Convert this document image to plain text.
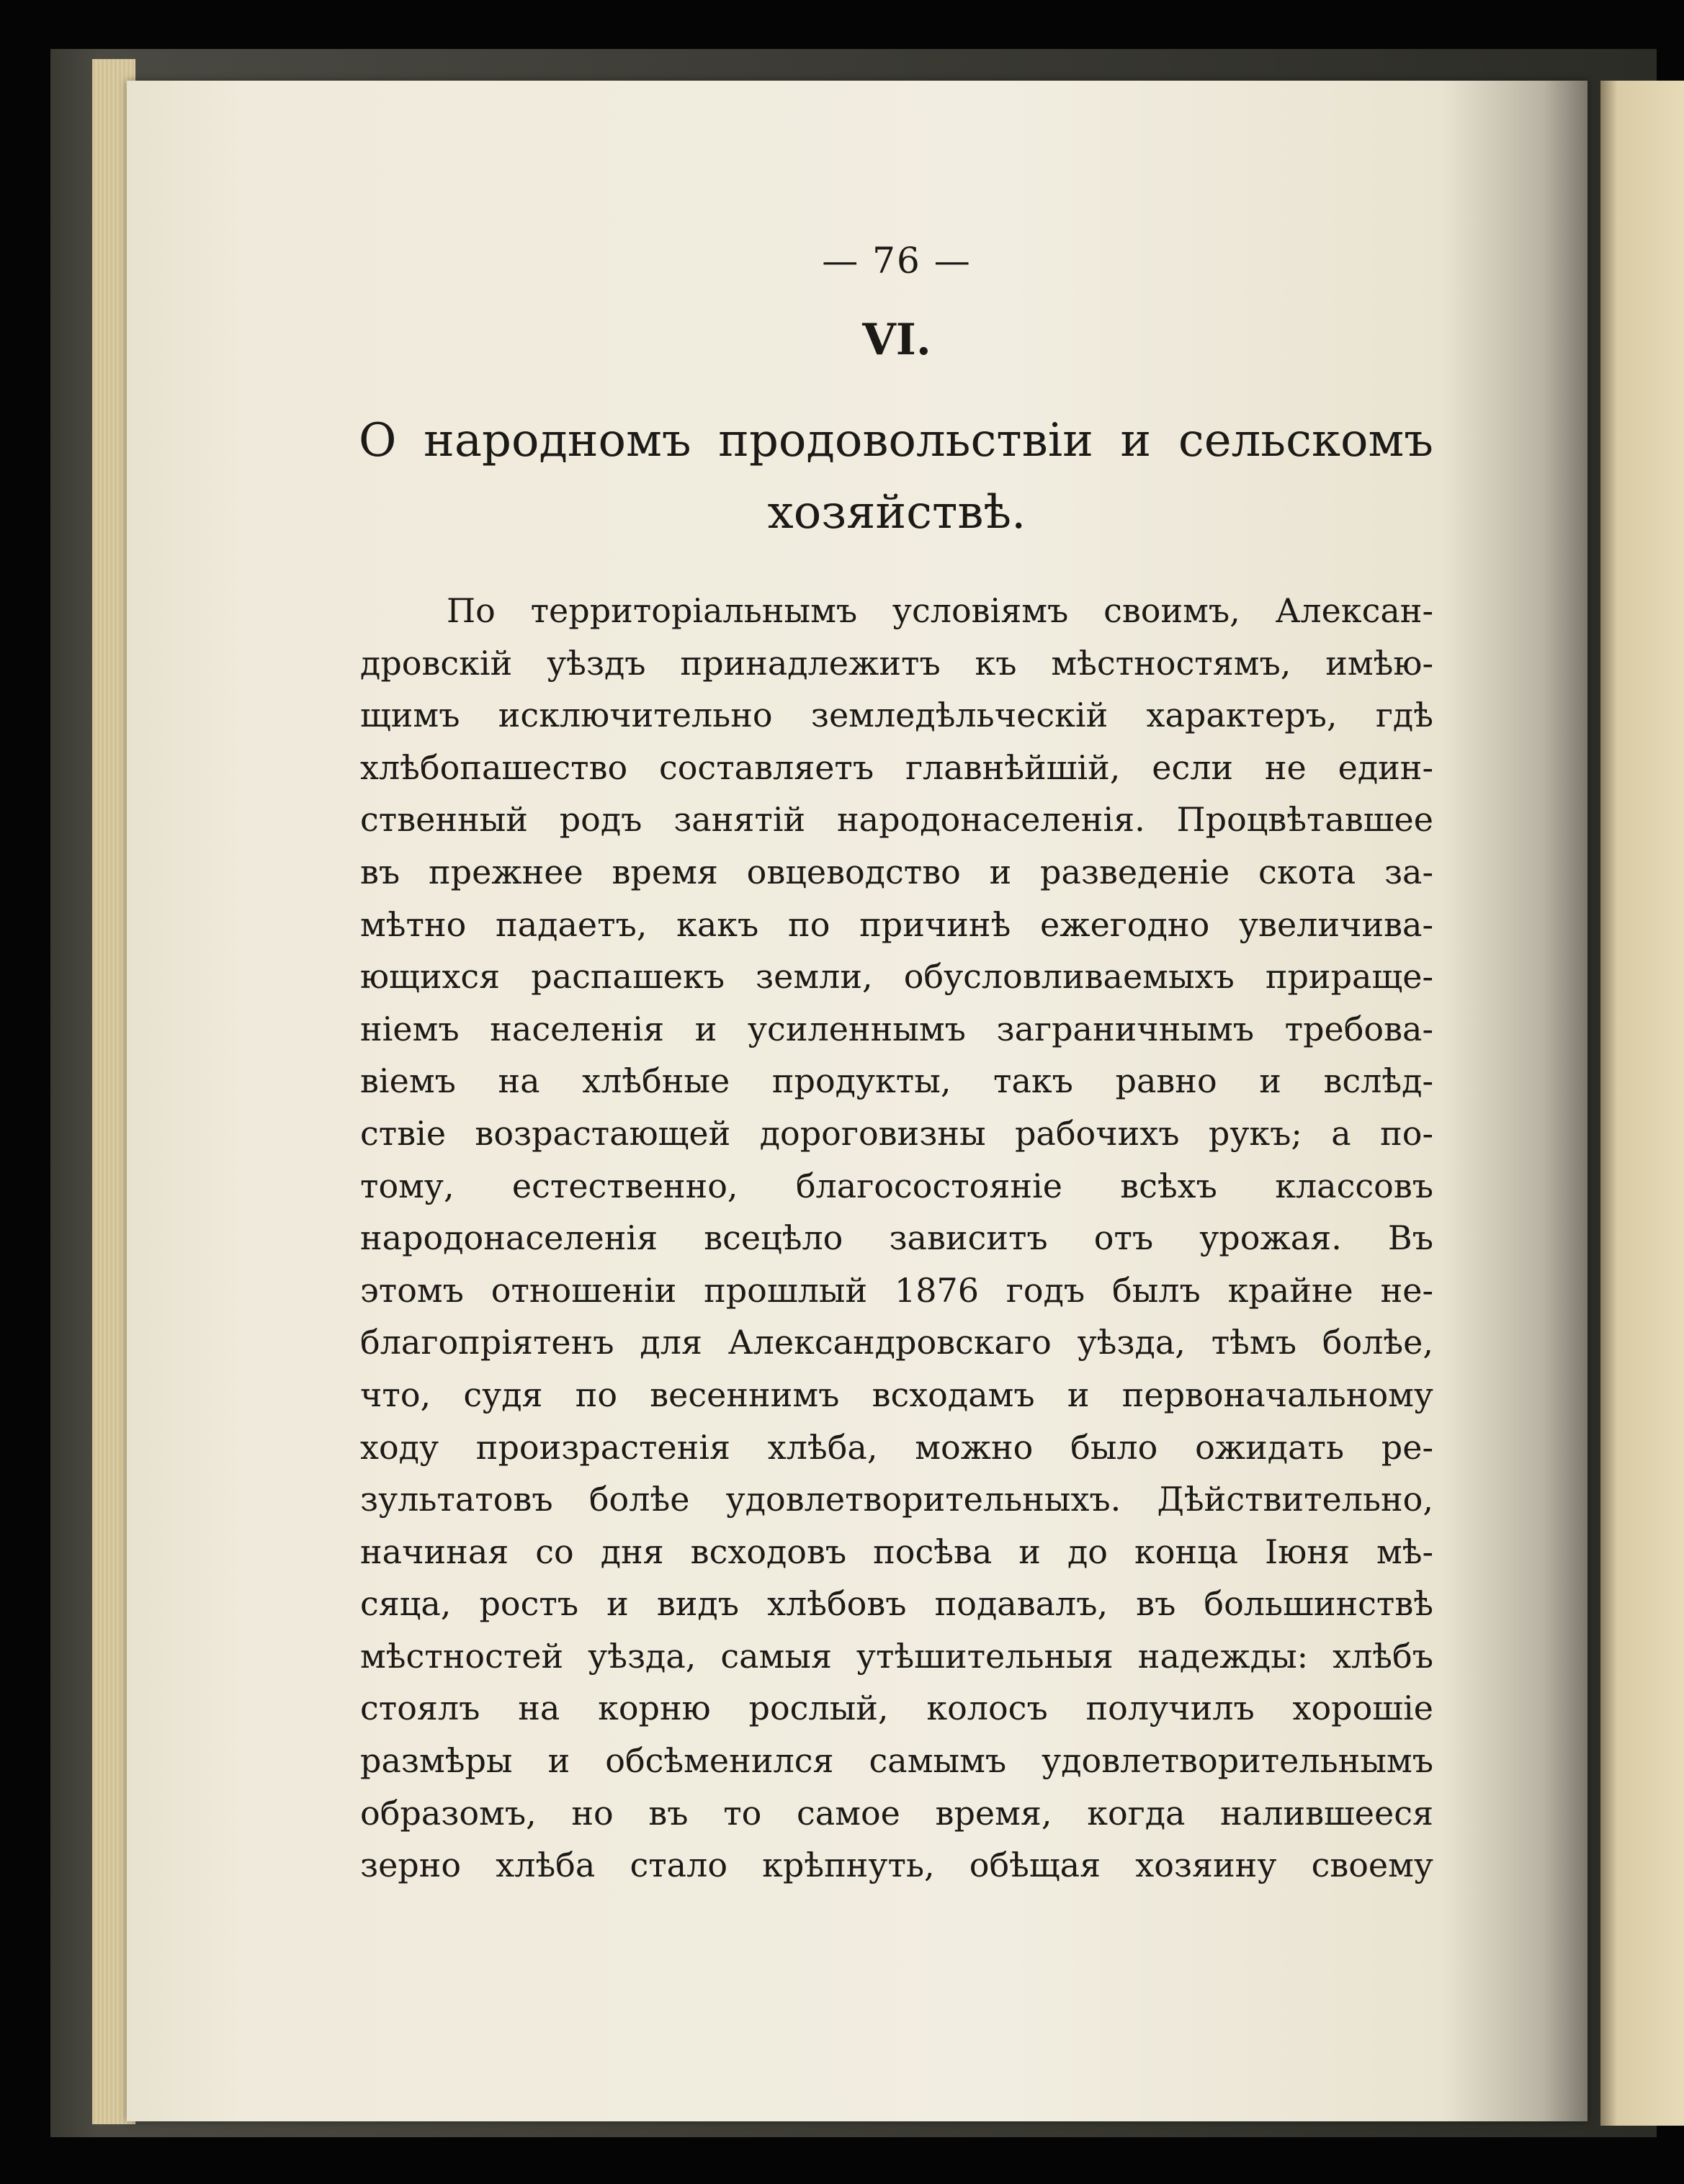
— 76 —
VI.
О народномъ продовольствіи и сельскомъ
хозяйствѣ.
По территоріальнымъ условіямъ своимъ, Алексан-
дровскій уѣздъ принадлежитъ къ мѣстностямъ, имѣю-
щимъ исключительно земледѣльческій характеръ, гдѣ
хлѣбопашество составляетъ главнѣйшій, если не един-
ственный родъ занятій народонаселенія. Процвѣтавшее
въ прежнее время овцеводство и разведеніе скота за-
мѣтно падаетъ, какъ по причинѣ ежегодно увеличива-
ющихся распашекъ земли, обусловливаемыхъ приращe-
ніемъ населенія и усиленнымъ заграничнымъ требова-
віемъ на хлѣбные продукты, такъ равно и вслѣд-
ствіе возрастающей дороговизны рабочихъ рукъ; а по-
тому, естественно, благосостояніе всѣхъ классовъ
народонаселенія всецѣло зависитъ отъ урожая. Въ
этомъ отношеніи прошлый 1876 годъ былъ крайне не-
благопріятенъ для Александровскаго уѣзда, тѣмъ болѣе,
что, судя по весеннимъ всходамъ и первоначальному
ходу произрастенія хлѣба, можно было ожидать ре-
зультатовъ болѣе удовлетворительныхъ. Дѣйствительно,
начиная со дня всходовъ посѣва и до конца Іюня мѣ-
сяца, ростъ и видъ хлѣбовъ подавалъ, въ большинствѣ
мѣстностей уѣзда, самыя утѣшительныя надежды: хлѣбъ
стоялъ на корню рослый, колосъ получилъ хорошіе
размѣры и обсѣменился самымъ удовлетворительнымъ
образомъ, но въ то самое время, когда налившееся
зерно хлѣба стало крѣпнуть, обѣщая хозяину своему
